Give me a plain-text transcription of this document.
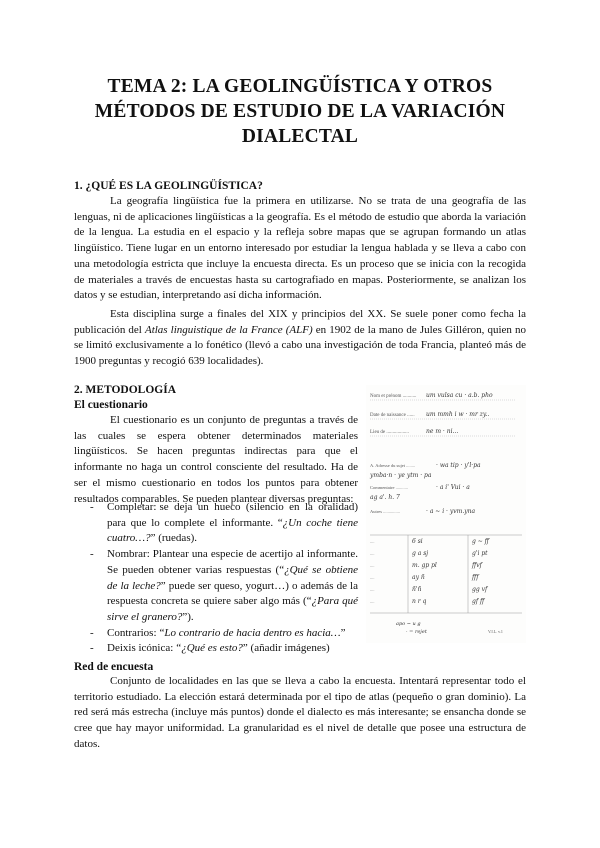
TEMA 2: LA GEOLINGÜÍSTICA Y OTROS
MÉTODOS DE ESTUDIO DE LA VARIACIÓN
DIALECTAL
1. ¿QUÉ ES LA GEOLINGÜÍSTICA?

La geografía lingüística fue la primera en utilizarse. No se trata de una geografía de las lenguas, ni de aplicaciones lingüísticas a la geografía. Es el método de estudio que aborda la variación de la lengua. La estudia en el espacio y la refleja sobre mapas que se agrupan formando un atlas lingüístico. Tiene lugar en un entorno interesado por estudiar la lengua hablada y se lleva a cabo con una metodología estricta que incluye la encuesta directa. Es un proceso que se inicia con la recogida de materiales a través de encuestas hasta su cartografiado en mapas. Posteriormente, se analizan los datos y se estudian, interpretando así dicha información.

Esta disciplina surge a finales del XIX y principios del XX. Se suele poner como fecha la publicación del Atlas linguistique de la France (ALF) en 1902 de la mano de Jules Gilléron, quien no se limitó exclusivamente a lo fonético (llevó a cabo una investigación de toda Francia, planteó más de 1900 preguntas y recogió 639 localidades).

2. METODOLOGÍA
El cuestionario

El cuestionario es un conjunto de preguntas a través de las cuales se espera obtener determinados materiales lingüísticos. Se hacen preguntas indirectas para que el informante no haga un control consciente del resultado. Ha de ser el mismo cuestionario en todos los puntos para obtener resultados comparables. Se pueden plantear diversas preguntas:

- Completar: se deja un hueco (silencio en la oralidad) para que lo complete el informante. “¿Un coche tiene cuatro…?” (ruedas).
- Nombrar: Plantear una especie de acertijo al informante. Se pueden obtener varias respuestas (“¿Qué se obtiene de la leche?” puede ser queso, yogurt…) o además de la respuesta concreta se quiere saber algo más (“¿Para qué sirve el granero?”).
- Contrarios: “Lo contrario de hacia dentro es hacia…”
- Deixis icónica: “¿Qué es esto?” (añadir imágenes)
Nom et prénom ........... um vulsa cu · a.b. pho
Date de naissance ...... um mmh i w · mr zy..
Lieu de ..................	ne m · ni...
A. Adresse du sujet ........	· wa tip · y'l·pa
ymba·n · ye ytm · pa
Commentaire ...........	· a i' Vui · a
ag a'. h. 7
Autres ...............	· a ~ i · yvm.yna
....
....
....
....
....
....
6 si	g ~ ff
g a sj	g'i pt
m. gp pl	ffvf
ay ñ	fff
ñ'ñ	gg vf
n r q	gf ff
apo ~ u g
· = rejet	V.I.L. v.1
Red de encuesta

Conjunto de localidades en las que se lleva a cabo la encuesta. Intentará representar todo el territorio estudiado. La elección estará determinada por el tipo de atlas (pequeño o gran dominio). La red será más estrecha (incluye más puntos) donde el dialecto es más interesante; se ensancha donde se cree que hay mayor uniformidad. La granularidad es el nivel de detalle que posee una estructura de datos.
